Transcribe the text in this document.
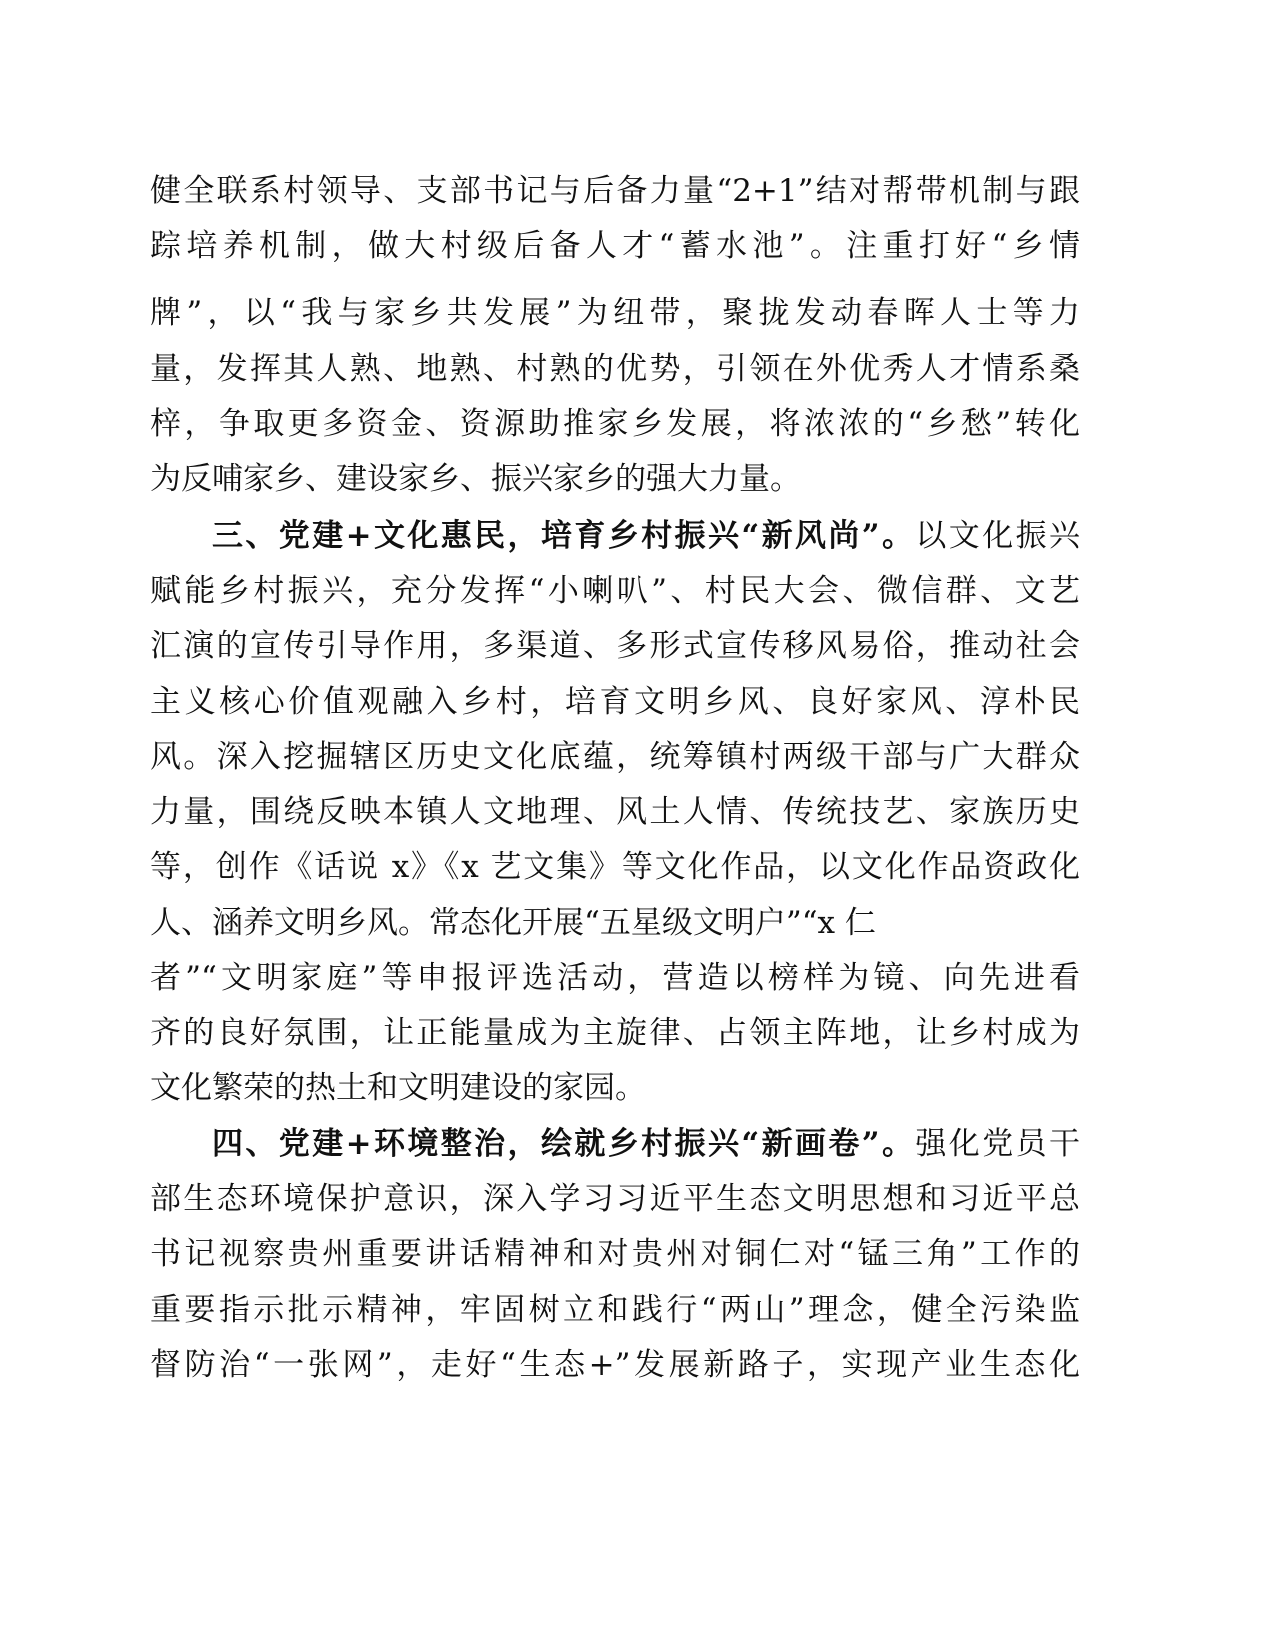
健全联系村领导、支部书记与后备力量“2+1”结对帮带机制与跟
踪培养机制，做大村级后备人才“蓄水池”。注重打好“乡情
牌”，以“我与家乡共发展”为纽带，聚拢发动春晖人士等力
量，发挥其人熟、地熟、村熟的优势，引领在外优秀人才情系桑
梓，争取更多资金、资源助推家乡发展，将浓浓的“乡愁”转化
为反哺家乡、建设家乡、振兴家乡的强大力量。
三、党建+文化惠民，培育乡村振兴“新风尚”。以文化振兴
赋能乡村振兴，充分发挥“小喇叭”、村民大会、微信群、文艺
汇演的宣传引导作用，多渠道、多形式宣传移风易俗，推动社会
主义核心价值观融入乡村，培育文明乡风、良好家风、淳朴民
风。深入挖掘辖区历史文化底蕴，统筹镇村两级干部与广大群众
力量，围绕反映本镇人文地理、风土人情、传统技艺、家族历史
等，创作《话说 x》《x 艺文集》等文化作品，以文化作品资政化
人、涵养文明乡风。常态化开展“五星级文明户”“x 仁
者”“文明家庭”等申报评选活动，营造以榜样为镜、向先进看
齐的良好氛围，让正能量成为主旋律、占领主阵地，让乡村成为
文化繁荣的热土和文明建设的家园。
四、党建+环境整治，绘就乡村振兴“新画卷”。强化党员干
部生态环境保护意识，深入学习习近平生态文明思想和习近平总
书记视察贵州重要讲话精神和对贵州对铜仁对“锰三角”工作的
重要指示批示精神，牢固树立和践行“两山”理念，健全污染监
督防治“一张网”，走好“生态+”发展新路子，实现产业生态化
